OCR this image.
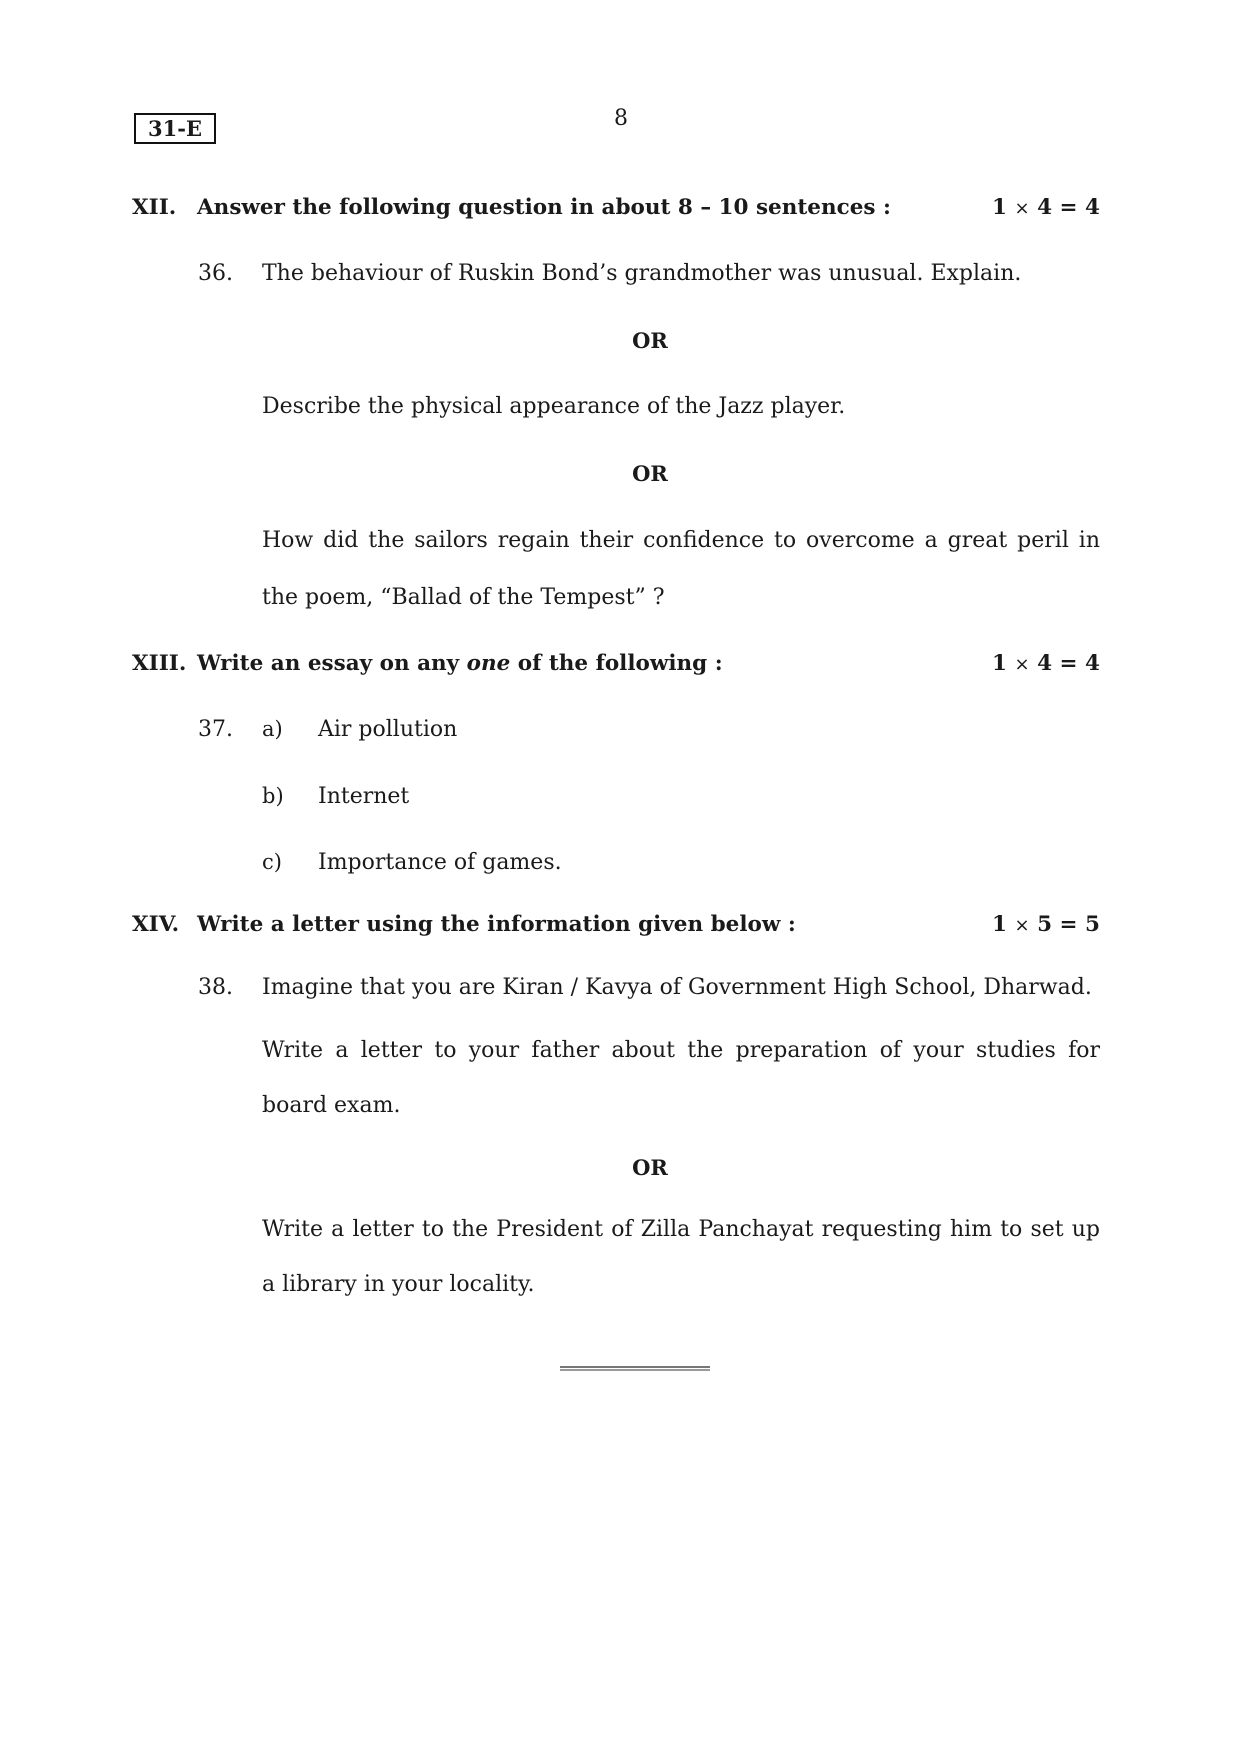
31-E	8
XII. Answer the following question in about 8 – 10 sentences :	1 × 4 = 4
36. The behaviour of Ruskin Bond’s grandmother was unusual. Explain.
OR
Describe the physical appearance of the Jazz player.
OR
How did the sailors regain their confidence to overcome a great peril in the poem, “Ballad of the Tempest” ?
XIII. Write an essay on any one of the following :	1 × 4 = 4
37. a) Air pollution
b) Internet
c) Importance of games.
XIV. Write a letter using the information given below :	1 × 5 = 5
38. Imagine that you are Kiran / Kavya of Government High School, Dharwad.
Write a letter to your father about the preparation of your studies for board exam.
OR
Write a letter to the President of Zilla Panchayat requesting him to set up a library in your locality.
